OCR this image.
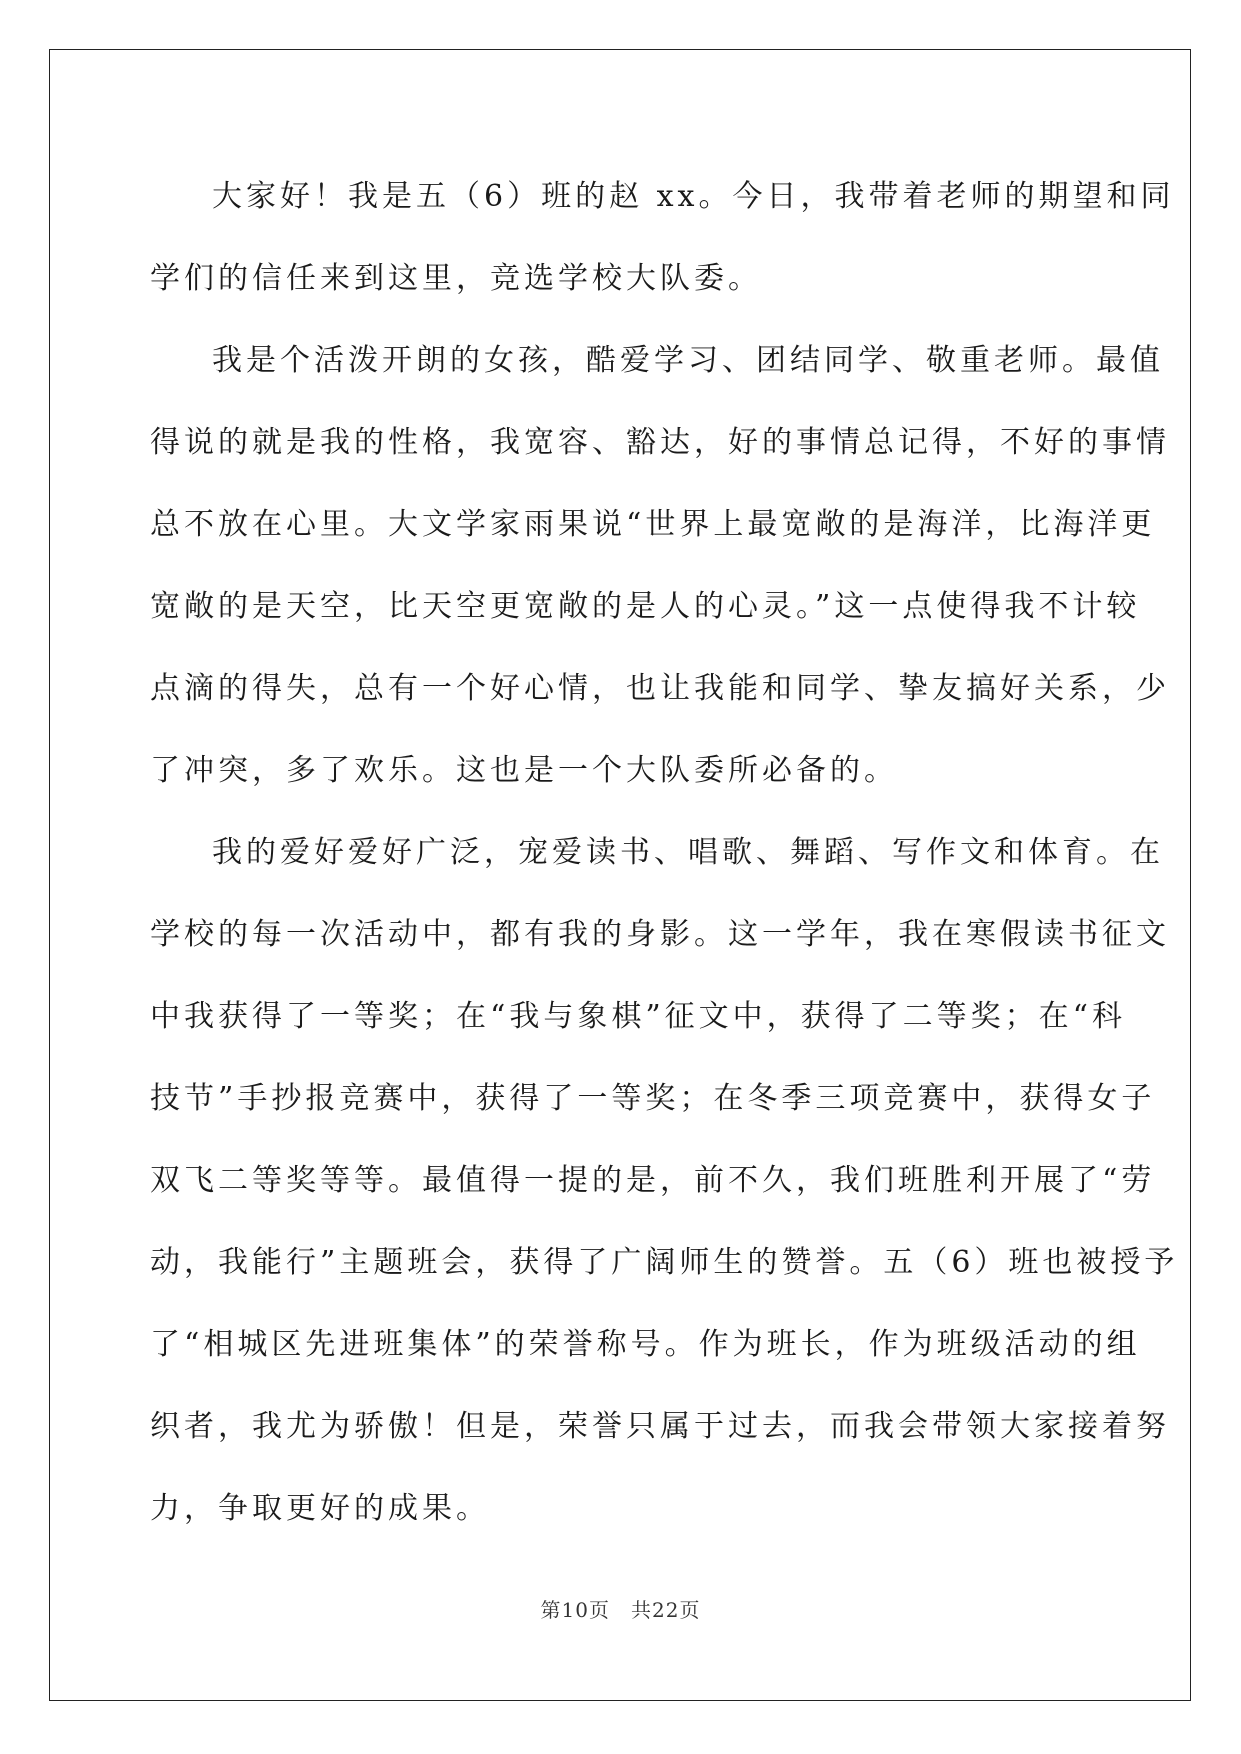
大家好！我是五（6）班的赵 xx。今日，我带着老师的期望和同
学们的信任来到这里，竞选学校大队委。

我是个活泼开朗的女孩，酷爱学习、团结同学、敬重老师。最值
得说的就是我的性格，我宽容、豁达，好的事情总记得，不好的事情
总不放在心里。大文学家雨果说“世界上最宽敞的是海洋，比海洋更
宽敞的是天空，比天空更宽敞的是人的心灵。”这一点使得我不计较
点滴的得失，总有一个好心情，也让我能和同学、挚友搞好关系，少
了冲突，多了欢乐。这也是一个大队委所必备的。

我的爱好爱好广泛，宠爱读书、唱歌、舞蹈、写作文和体育。在
学校的每一次活动中，都有我的身影。这一学年，我在寒假读书征文
中我获得了一等奖；在“我与象棋”征文中，获得了二等奖；在“科
技节”手抄报竞赛中，获得了一等奖；在冬季三项竞赛中，获得女子
双飞二等奖等等。最值得一提的是，前不久，我们班胜利开展了“劳
动，我能行”主题班会，获得了广阔师生的赞誉。五（6）班也被授予
了“相城区先进班集体”的荣誉称号。作为班长，作为班级活动的组
织者，我尤为骄傲！但是，荣誉只属于过去，而我会带领大家接着努
力，争取更好的成果。

第10页　共22页
